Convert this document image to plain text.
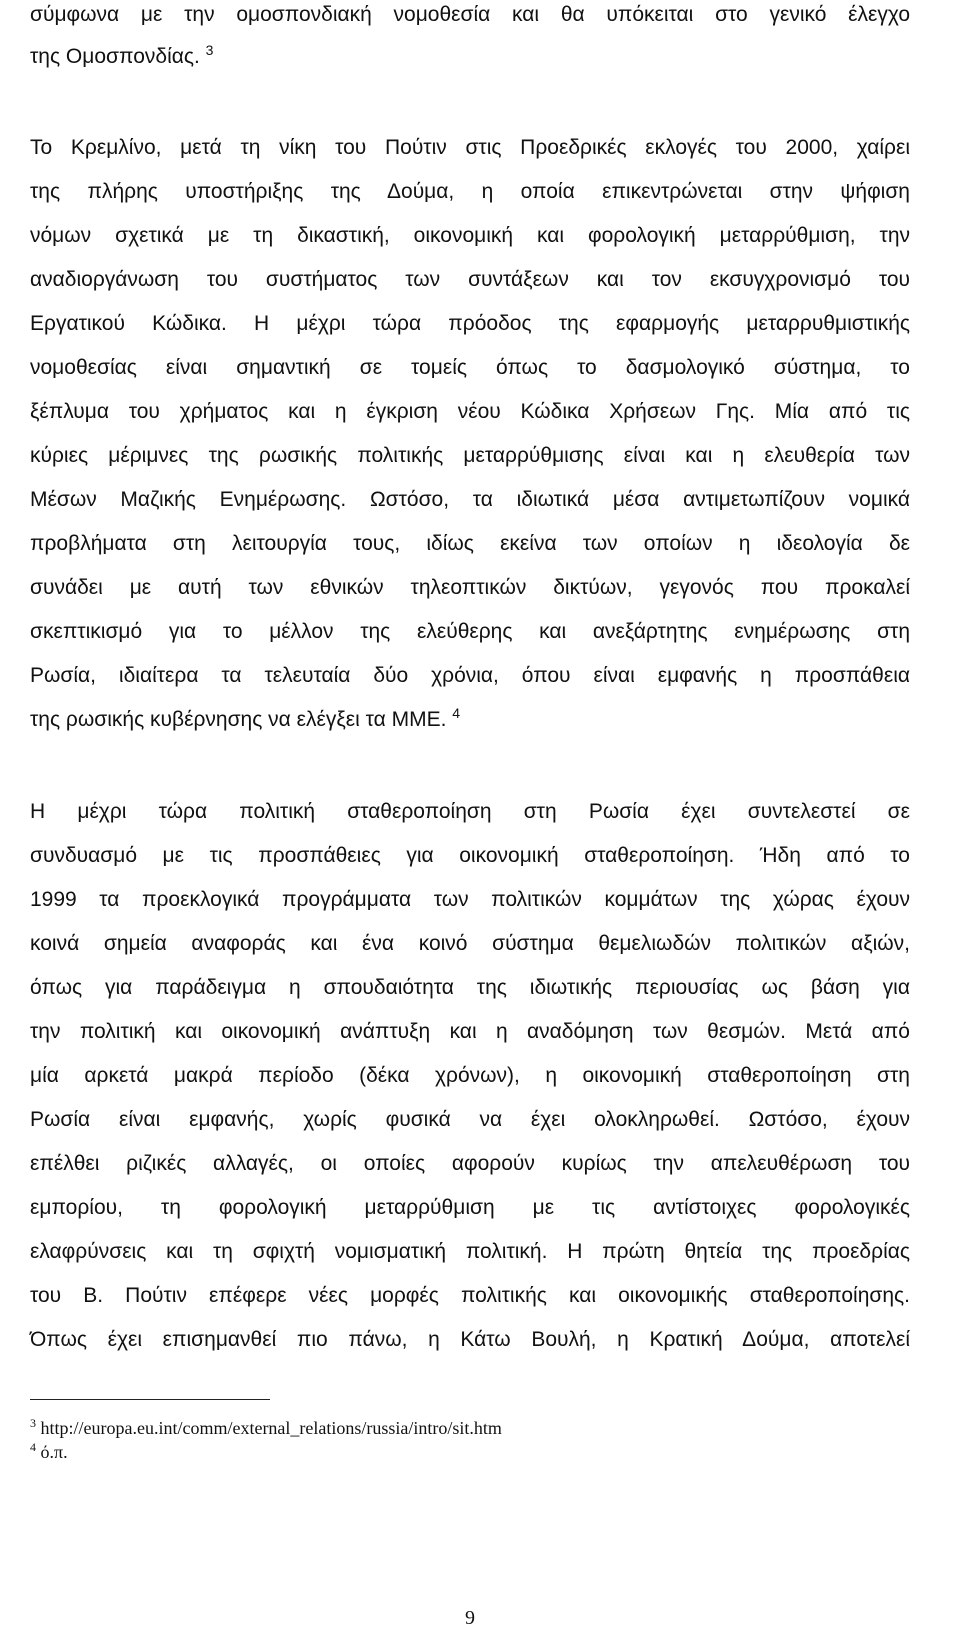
σύμφωνα με την ομοσπονδιακή νομοθεσία και θα υπόκειται στο γενικό έλεγχο
της Ομοσπονδίας. $^3$
Το Κρεμλίνο, μετά τη νίκη του Πούτιν στις Προεδρικές εκλογές του 2000, χαίρει
της πλήρης υποστήριξης της Δούμα, η οποία επικεντρώνεται στην ψήφιση
νόμων σχετικά με τη δικαστική, οικονομική και φορολογική μεταρρύθμιση, την
αναδιοργάνωση του συστήματος των συντάξεων και τον εκσυγχρονισμό του
Εργατικού Κώδικα. Η μέχρι τώρα πρόοδος της εφαρμογής μεταρρυθμιστικής
νομοθεσίας είναι σημαντική σε τομείς όπως το δασμολογικό σύστημα, το
ξέπλυμα του χρήματος και η έγκριση νέου Κώδικα Χρήσεων Γης. Μία από τις
κύριες μέριμνες της ρωσικής πολιτικής μεταρρύθμισης είναι και η ελευθερία των
Μέσων Μαζικής Ενημέρωσης. Ωστόσο, τα ιδιωτικά μέσα αντιμετωπίζουν νομικά
προβλήματα στη λειτουργία τους, ιδίως εκείνα των οποίων η ιδεολογία δε
συνάδει με αυτή των εθνικών τηλεοπτικών δικτύων, γεγονός που προκαλεί
σκεπτικισμό για το μέλλον της ελεύθερης και ανεξάρτητης ενημέρωσης στη
Ρωσία, ιδιαίτερα τα τελευταία δύο χρόνια, όπου είναι εμφανής η προσπάθεια
της ρωσικής κυβέρνησης να ελέγξει τα ΜΜΕ. $^4$
Η μέχρι τώρα πολιτική σταθεροποίηση στη Ρωσία έχει συντελεστεί σε
συνδυασμό με τις προσπάθειες για οικονομική σταθεροποίηση. Ήδη από το
1999 τα προεκλογικά προγράμματα των πολιτικών κομμάτων της χώρας έχουν
κοινά σημεία αναφοράς και ένα κοινό σύστημα θεμελιωδών πολιτικών αξιών,
όπως για παράδειγμα η σπουδαιότητα της ιδιωτικής περιουσίας ως βάση για
την πολιτική και οικονομική ανάπτυξη και η αναδόμηση των θεσμών. Μετά από
μία αρκετά μακρά περίοδο (δέκα χρόνων), η οικονομική σταθεροποίηση στη
Ρωσία είναι εμφανής, χωρίς φυσικά να έχει ολοκληρωθεί. Ωστόσο, έχουν
επέλθει ριζικές αλλαγές, οι οποίες αφορούν κυρίως την απελευθέρωση του
εμπορίου, τη φορολογική μεταρρύθμιση με τις αντίστοιχες φορολογικές
ελαφρύνσεις και τη σφιχτή νομισματική πολιτική. Η πρώτη θητεία της προεδρίας
του Β. Πούτιν επέφερε νέες μορφές πολιτικής και οικονομικής σταθεροποίησης.
Όπως έχει επισημανθεί πιο πάνω, η Κάτω Βουλή, η Κρατική Δούμα, αποτελεί
$^3$ http://europa.eu.int/comm/external_relations/russia/intro/sit.htm
$^4$ ό.π.
9
